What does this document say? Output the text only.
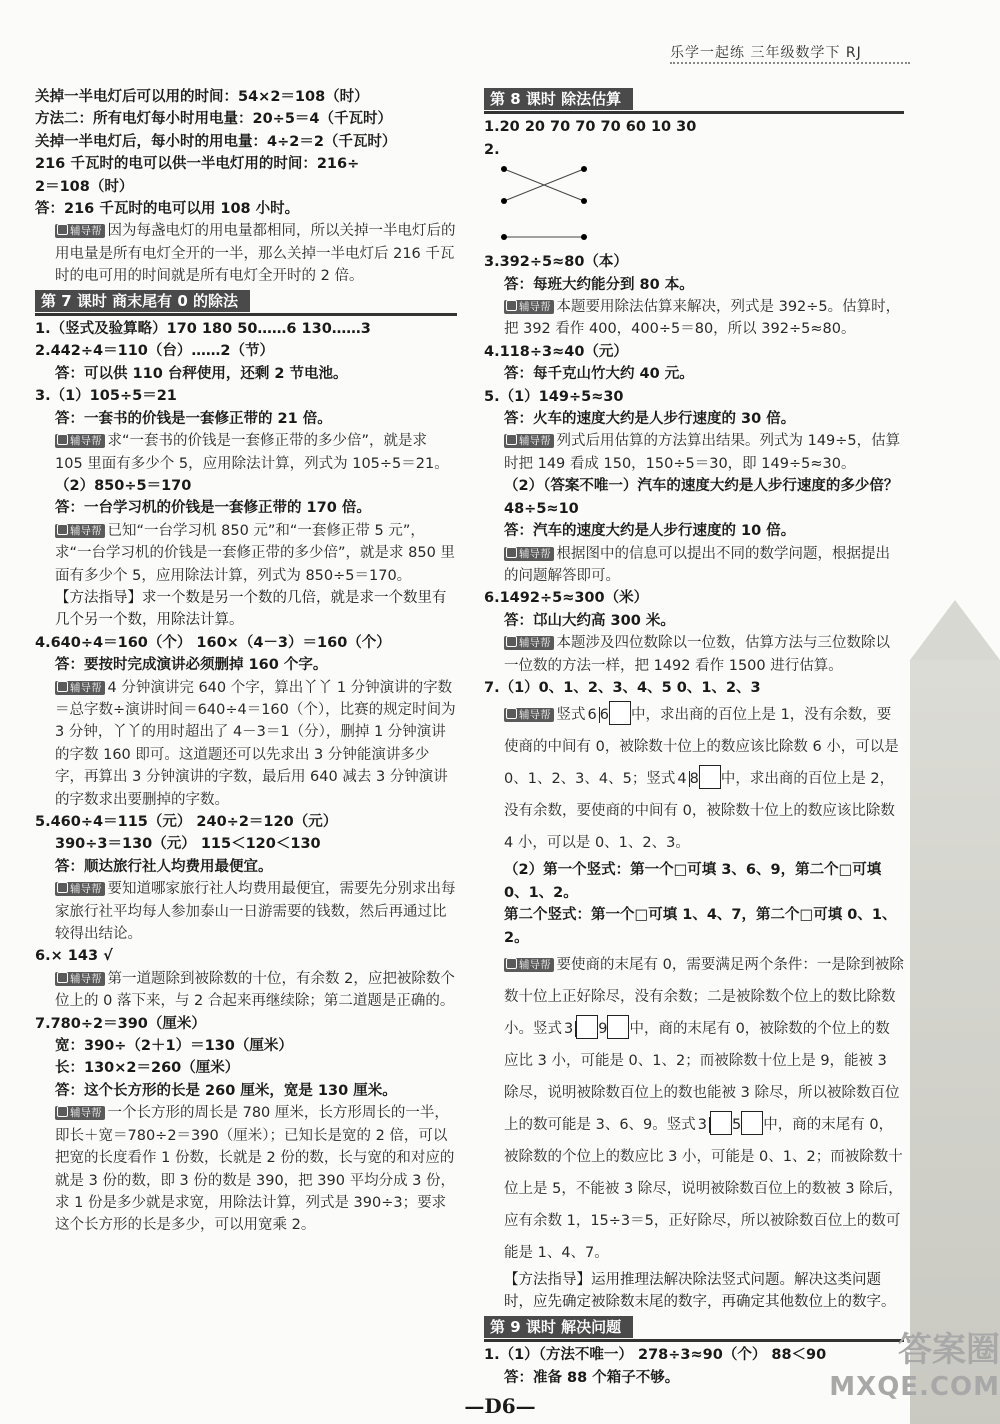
乐学一起练 三年级数学下 RJ
关掉一半电灯后可以用的时间：54×2＝108（时）
方法二：所有电灯每小时用电量：20÷5＝4（千瓦时）
关掉一半电灯后，每小时的用电量：4÷2＝2（千瓦时）
216 千瓦时的电可以供一半电灯用的时间：216÷
2＝108（时）
答：216 千瓦时的电可以用 108 小时。
辅导帮 因为每盏电灯的用电量都相同，所以关掉一半电灯后的用电量是所有电灯全开的一半，那么关掉一半电灯后 216 千瓦时的电可用的时间就是所有电灯全开时的 2 倍。
第 7 课时 商末尾有 0 的除法
1.（竖式及验算略）170 180 50……6 130……3
2.442÷4＝110（台）……2（节）
答：可以供 110 台秤使用，还剩 2 节电池。
3.（1）105÷5＝21
答：一套书的价钱是一套修正带的 21 倍。
辅导帮 求“一套书的价钱是一套修正带的多少倍”，就是求 105 里面有多少个 5，应用除法计算，列式为 105÷5＝21。
（2）850÷5＝170
答：一台学习机的价钱是一套修正带的 170 倍。
辅导帮 已知“一台学习机 850 元”和“一套修正带 5 元”，求“一台学习机的价钱是一套修正带的多少倍”，就是求 850 里面有多少个 5，应用除法计算，列式为 850÷5＝170。
【方法指导】求一个数是另一个数的几倍，就是求一个数里有几个另一个数，用除法计算。
4.640÷4＝160（个） 160×（4－3）＝160（个）
答：要按时完成演讲必须删掉 160 个字。
辅导帮 4 分钟演讲完 640 个字，算出丫丫 1 分钟演讲的字数＝总字数÷演讲时间＝640÷4＝160（个），比赛的规定时间为 3 分钟，丫丫的用时超出了 4－3＝1（分），删掉 1 分钟演讲的字数 160 即可。这道题还可以先求出 3 分钟能演讲多少字，再算出 3 分钟演讲的字数，最后用 640 减去 3 分钟演讲的字数求出要删掉的字数。
5.460÷4＝115（元） 240÷2＝120（元）
390÷3＝130（元） 115＜120＜130
答：顺达旅行社人均费用最便宜。
辅导帮 要知道哪家旅行社人均费用最便宜，需要先分别求出每家旅行社平均每人参加泰山一日游需要的钱数，然后再通过比较得出结论。
6.× 143 √
辅导帮 第一道题除到被除数的十位，有余数 2，应把被除数个位上的 0 落下来，与 2 合起来再继续除；第二道题是正确的。
7.780÷2＝390（厘米）
宽：390÷（2＋1）＝130（厘米）
长：130×2＝260（厘米）
答：这个长方形的长是 260 厘米，宽是 130 厘米。
辅导帮 一个长方形的周长是 780 厘米，长方形周长的一半，即长＋宽＝780÷2＝390（厘米）；已知长是宽的 2 倍，可以把宽的长度看作 1 份数，长就是 2 份的数，长与宽的和对应的就是 3 份的数，即 3 份的数是 390，把 390 平均分成 3 份，求 1 份是多少就是求宽，用除法计算，列式是 390÷3；要求这个长方形的长是多少，可以用宽乘 2。
第 8 课时 除法估算
1.20 20 70 70 70 60 10 30
2.
3.392÷5≈80（本）
答：每班大约能分到 80 本。
辅导帮 本题要用除法估算来解决，列式是 392÷5。估算时，把 392 看作 400，400÷5＝80，所以 392÷5≈80。
4.118÷3≈40（元）
答：每千克山竹大约 40 元。
5.（1）149÷5≈30
答：火车的速度大约是人步行速度的 30 倍。
辅导帮 列式后用估算的方法算出结果。列式为 149÷5，估算时把 149 看成 150，150÷5＝30，即 149÷5≈30。
（2）（答案不唯一）汽车的速度大约是人步行速度的多少倍？ 48÷5≈10
答：汽车的速度大约是人步行速度的 10 倍。
辅导帮 根据图中的信息可以提出不同的数学问题，根据提出的问题解答即可。
6.1492÷5≈300（米）
答：邙山大约高 300 米。
辅导帮 本题涉及四位数除以一位数，估算方法与三位数除以一位数的方法一样，把 1492 看作 1500 进行估算。
7.（1）0、1、2、3、4、5 0、1、2、3
辅导帮 竖式 6 6 中，求出商的百位上是 1，没有余数，要使商的中间有 0，被除数十位上的数应该比除数 6 小，可以是 0、1、2、3、4、5；竖式 4 8 中，求出商的百位上是 2，没有余数，要使商的中间有 0，被除数十位上的数应该比除数 4 小，可以是 0、1、2、3。
（2）第一个竖式：第一个□可填 3、6、9，第二个□可填 0、1、2。
第二个竖式：第一个□可填 1、4、7，第二个□可填 0、1、2。
辅导帮 要使商的末尾有 0，需要满足两个条件：一是除到被除数十位上正好除尽，没有余数；二是被除数个位上的数比除数小。竖式 3 9 中，商的末尾有 0，被除数的个位上的数应比 3 小，可能是 0、1、2；而被除数十位上是 9，能被 3 除尽，说明被除数百位上的数也能被 3 除尽，所以被除数百位上的数可能是 3、6、9。竖式 3 5 中，商的末尾有 0，被除数的个位上的数应比 3 小，可能是 0、1、2；而被除数十位上是 5，不能被 3 除尽，说明被除数百位上的数被 3 除后，应有余数 1，15÷3＝5，正好除尽，所以被除数百位上的数可能是 1、4、7。
【方法指导】运用推理法解决除法竖式问题。解决这类问题时，应先确定被除数末尾的数字，再确定其他数位上的数字。
第 9 课时 解决问题
1.（1）（方法不唯一） 278÷3≈90（个） 88＜90
答：准备 88 个箱子不够。
—D6—
答案圈
MXQE.COM
